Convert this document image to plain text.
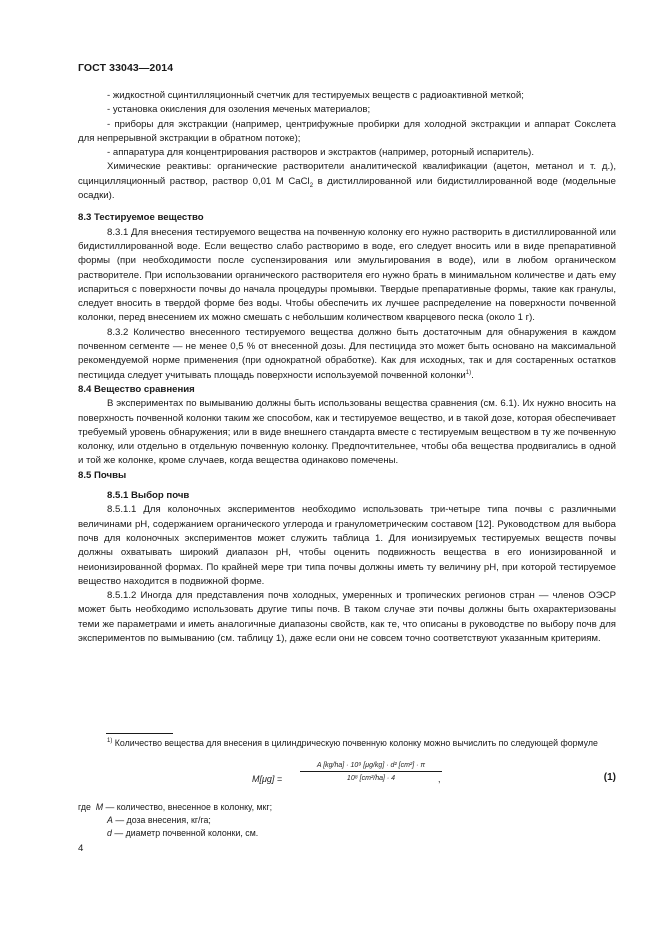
ГОСТ 33043—2014

- жидкостной сцинтилляционный счетчик для тестируемых веществ с радиоактивной меткой;

- установка окисления для озоления меченых материалов;

- приборы для экстракции (например, центрифужные пробирки для холодной экстракции и аппарат Сокслета для непрерывной экстракции в обратном потоке);

- аппаратура для концентрирования растворов и экстрактов (например, роторный испаритель).

Химические реактивы: органические растворители аналитической квалификации (ацетон, метанол и т. д.), сцинцилляционный раствор, раствор 0,01 М CaCl$_2$ в дистиллированной или бидистиллированной воде (модельные осадки).

8.3 Тестируемое вещество

8.3.1 Для внесения тестируемого вещества на почвенную колонку его нужно растворить в дистиллированной или бидистиллированной воде. Если вещество слабо растворимо в воде, его следует вносить или в виде препаративной формы (при необходимости после суспензирования или эмульгирования в воде), или в любом органическом растворителе. При использовании органического растворителя его нужно брать в минимальном количестве и дать ему испариться с поверхности почвы до начала процедуры промывки. Твердые препаративные формы, такие как гранулы, следует вносить в твердой форме без воды. Чтобы обеспечить их лучшее распределение на поверхности почвенной колонки, перед внесением их можно смешать с небольшим количеством кварцевого песка (около 1 г).

8.3.2 Количество внесенного тестируемого вещества должно быть достаточным для обнаружения в каждом почвенном сегменте — не менее 0,5 % от внесенной дозы. Для пестицида это может быть основано на максимальной рекомендуемой норме применения (при однократной обработке). Как для исходных, так и для состаренных остатков пестицида следует учитывать площадь поверхности используемой почвенной колонки$^{1)}$.

8.4 Вещество сравнения

В экспериментах по вымыванию должны быть использованы вещества сравнения (см. 6.1). Их нужно вносить на поверхность почвенной колонки таким же способом, как и тестируемое вещество, и в такой дозе, которая обеспечивает требуемый уровень обнаружения; или в виде внешнего стандарта вместе с тестируемым веществом в ту же почвенную колонку, или отдельно в отдельную почвенную колонку. Предпочтительнее, чтобы оба вещества продвигались в одной и той же колонке, кроме случаев, когда вещества одинаково помечены.

8.5 Почвы

8.5.1 Выбор почв

8.5.1.1 Для колоночных экспериментов необходимо использовать три-четыре типа почвы с различными величинами pH, содержанием органического углерода и гранулометрическим составом [12]. Руководством для выбора почв для колоночных экспериментов может служить таблица 1. Для ионизируемых тестируемых веществ почвы должны охватывать широкий диапазон pH, чтобы оценить подвижность вещества в его ионизированной и неионизированной формах. По крайней мере три типа почвы должны иметь ту величину pH, при которой тестируемое вещество находится в подвижной форме.

8.5.1.2 Иногда для представления почв холодных, умеренных и тропических регионов стран — членов ОЭСР может быть необходимо использовать другие типы почв. В таком случае эти почвы должны быть охарактеризованы теми же параметрами и иметь аналогичные диапазоны свойств, как те, что описаны в руководстве по выбору почв для экспериментов по вымыванию (см. таблицу 1), даже если они не совсем точно соответствуют указанным критериям.

$^{1)}$ Количество вещества для внесения в цилиндрическую почвенную колонку можно вычислить по следующей формуле

M[μg] =	$\frac{\text{A [kg/ha] · 10⁹ [μg/kg] · d² [cm²] · π}}{\text{10⁸ [cm²/ha] · 4}}$
,	(1)
где M — количество, внесенное в колонку, мкг;
A — доза внесения, кг/га;
d — диаметр почвенной колонки, см.
4
